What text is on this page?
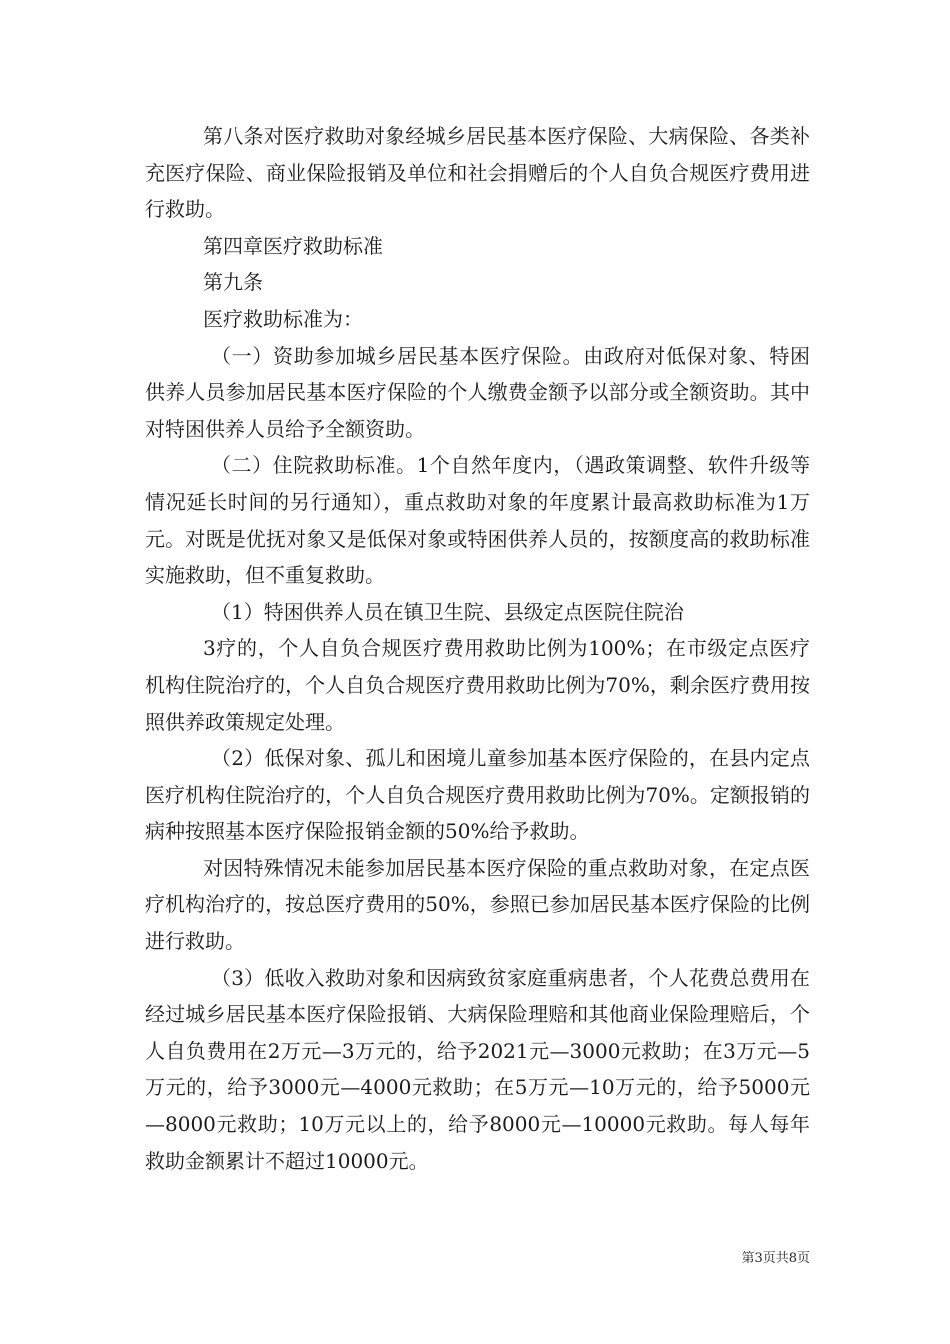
第八条对医疗救助对象经城乡居民基本医疗保险、大病保险、各类补充医疗保险、商业保险报销及单位和社会捐赠后的个人自负合规医疗费用进行救助。

第四章医疗救助标准

第九条

医疗救助标准为：

（一）资助参加城乡居民基本医疗保险。由政府对低保对象、特困供养人员参加居民基本医疗保险的个人缴费金额予以部分或全额资助。其中对特困供养人员给予全额资助。

（二）住院救助标准。1个自然年度内，（遇政策调整、软件升级等情况延长时间的另行通知），重点救助对象的年度累计最高救助标准为1万元。对既是优抚对象又是低保对象或特困供养人员的，按额度高的救助标准实施救助，但不重复救助。

（1）特困供养人员在镇卫生院、县级定点医院住院治

3疗的，个人自负合规医疗费用救助比例为100%；在市级定点医疗机构住院治疗的，个人自负合规医疗费用救助比例为70%，剩余医疗费用按照供养政策规定处理。

（2）低保对象、孤儿和困境儿童参加基本医疗保险的，在县内定点医疗机构住院治疗的，个人自负合规医疗费用救助比例为70%。定额报销的病种按照基本医疗保险报销金额的50%给予救助。

对因特殊情况未能参加居民基本医疗保险的重点救助对象，在定点医疗机构治疗的，按总医疗费用的50%，参照已参加居民基本医疗保险的比例进行救助。

（3）低收入救助对象和因病致贫家庭重病患者，个人花费总费用在经过城乡居民基本医疗保险报销、大病保险理赔和其他商业保险理赔后，个人自负费用在2万元—3万元的，给予2021元—3000元救助；在3万元—5万元的，给予3000元—4000元救助；在5万元—10万元的，给予5000元—8000元救助；10万元以上的，给予8000元—10000元救助。每人每年救助金额累计不超过10000元。

第3页共8页
